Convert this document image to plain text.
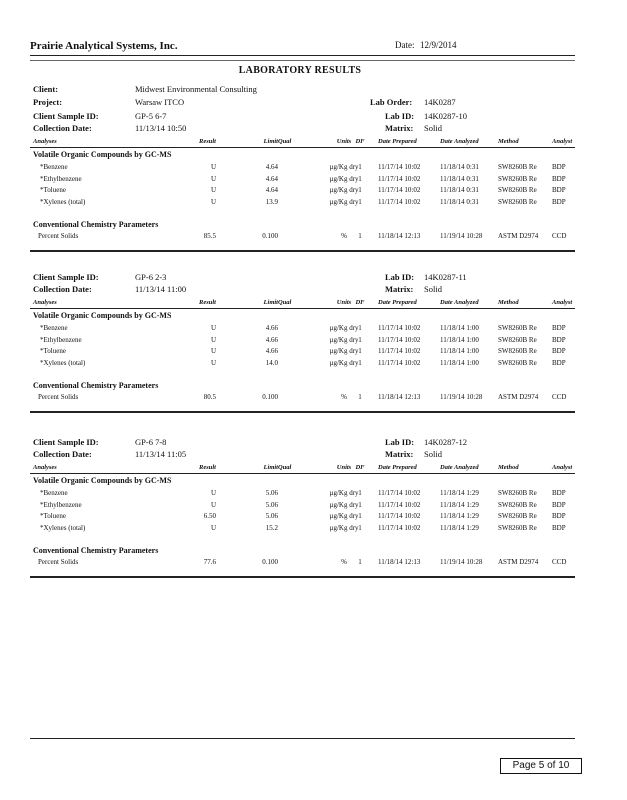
Prairie Analytical Systems, Inc.	Date: 12/9/2014
LABORATORY RESULTS
Client:	Midwest Environmental Consulting
Project:	Warsaw ITCO	Lab Order: 14K0287
Client Sample ID:	GP-5 6-7	Lab ID: 14K0287-10
Collection Date:	11/13/14 10:50	Matrix: Solid
Analyses	Result	Limit Qual	Units DF Date Prepared	Date Analyzed	Method	Analyst
Volatile Organic Compounds by GC-MS
*Benzene	U	4.64	µg/Kg dry 1	11/17/14 10:02	11/18/14 0:31	SW8260B Re	BDP
*Ethylbenzene	U	4.64	µg/Kg dry 1	11/17/14 10:02	11/18/14 0:31	SW8260B Re	BDP
*Toluene	U	4.64	µg/Kg dry 1	11/17/14 10:02	11/18/14 0:31	SW8260B Re	BDP
*Xylenes (total)	U	13.9	µg/Kg dry 1	11/17/14 10:02	11/18/14 0:31	SW8260B Re	BDP
Conventional Chemistry Parameters
Percent Solids	85.5	0.100	%	1	11/18/14 12:13	11/19/14 10:28	ASTM D2974	CCD
Client Sample ID:	GP-6 2-3	Lab ID: 14K0287-11
Collection Date:	11/13/14 11:00	Matrix: Solid
Analyses	Result	Limit Qual	Units DF Date Prepared	Date Analyzed	Method	Analyst
Volatile Organic Compounds by GC-MS
*Benzene	U	4.66	µg/Kg dry 1	11/17/14 10:02	11/18/14 1:00	SW8260B Re	BDP
*Ethylbenzene	U	4.66	µg/Kg dry 1	11/17/14 10:02	11/18/14 1:00	SW8260B Re	BDP
*Toluene	U	4.66	µg/Kg dry 1	11/17/14 10:02	11/18/14 1:00	SW8260B Re	BDP
*Xylenes (total)	U	14.0	µg/Kg dry 1	11/17/14 10:02	11/18/14 1:00	SW8260B Re	BDP
Conventional Chemistry Parameters
Percent Solids	80.5	0.100	%	1	11/18/14 12:13	11/19/14 10:28	ASTM D2974	CCD
Client Sample ID:	GP-6 7-8	Lab ID: 14K0287-12
Collection Date:	11/13/14 11:05	Matrix: Solid
Analyses	Result	Limit Qual	Units DF Date Prepared	Date Analyzed	Method	Analyst
Volatile Organic Compounds by GC-MS
*Benzene	U	5.06	µg/Kg dry 1	11/17/14 10:02	11/18/14 1:29	SW8260B Re	BDP
*Ethylbenzene	U	5.06	µg/Kg dry 1	11/17/14 10:02	11/18/14 1:29	SW8260B Re	BDP
*Toluene	6.50	5.06	µg/Kg dry 1	11/17/14 10:02	11/18/14 1:29	SW8260B Re	BDP
*Xylenes (total)	U	15.2	µg/Kg dry 1	11/17/14 10:02	11/18/14 1:29	SW8260B Re	BDP
Conventional Chemistry Parameters
Percent Solids	77.6	0.100	%	1	11/18/14 12:13	11/19/14 10:28	ASTM D2974	CCD
Page 5 of 10
